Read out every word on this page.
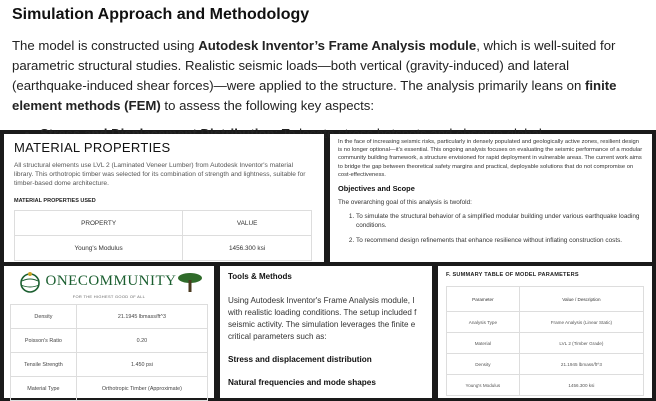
Simulation Approach and Methodology

The model is constructed using Autodesk Inventor’s Frame Analysis module, which is well-suited for parametric structural studies. Realistic seismic loads—both vertical (gravity-induced) and lateral (earthquake-induced shear forces)—were applied to the structure. The analysis primarily leans on finite element methods (FEM) to assess the following key aspects:

•
MATERIAL PROPERTIES

All structural elements use LVL 2 (Laminated Veneer Lumber) from Autodesk Inventor's material library. This orthotropic timber was selected for its combination of strength and lightness, suitable for timber-based dome architecture.

MATERIAL PROPERTIES USED
PROPERTY	VALUE
Young's Modulus	1456.300 ksi

In the face of increasing seismic risks, particularly in densely populated and geologically active zones, resilient design is no longer optional—it's essential. This ongoing analysis focuses on evaluating the seismic performance of a modular community building framework, a structure envisioned for rapid deployment in vulnerable areas. The current work aims to bridge the gap between theoretical safety margins and practical, deployable solutions that do not compromise on cost-effectiveness.

Objectives and Scope

The overarching goal of this analysis is twofold:

1. To simulate the structural behavior of a simplified modular building under various earthquake loading conditions.
2. To recommend design refinements that enhance resilience without inflating construction costs.
ONECOMMUNITY
FOR THE HIGHEST GOOD OF ALL
Density	21.1945 lbmass/ft^3
Poisson's Ratio	0.20
Tensile Strength	1.450 psi
Material Type	Orthotropic Timber (Approximate)
Tools & Methods
Using Autodesk Inventor's Frame Analysis module, I
with realistic loading conditions. The setup included f
seismic activity. The simulation leverages the finite e
critical parameters such as:
Stress and displacement distribution
Natural frequencies and mode shapes
F. SUMMARY TABLE OF MODEL PARAMETERS
Parameter	Value / Description
Analysis Type	Frame Analysis (Linear Static)
Material	LVL 2 (Timber Grade)
Density	21.1945 lbmass/ft^3
Young's Modulus	1456.300 ksi
